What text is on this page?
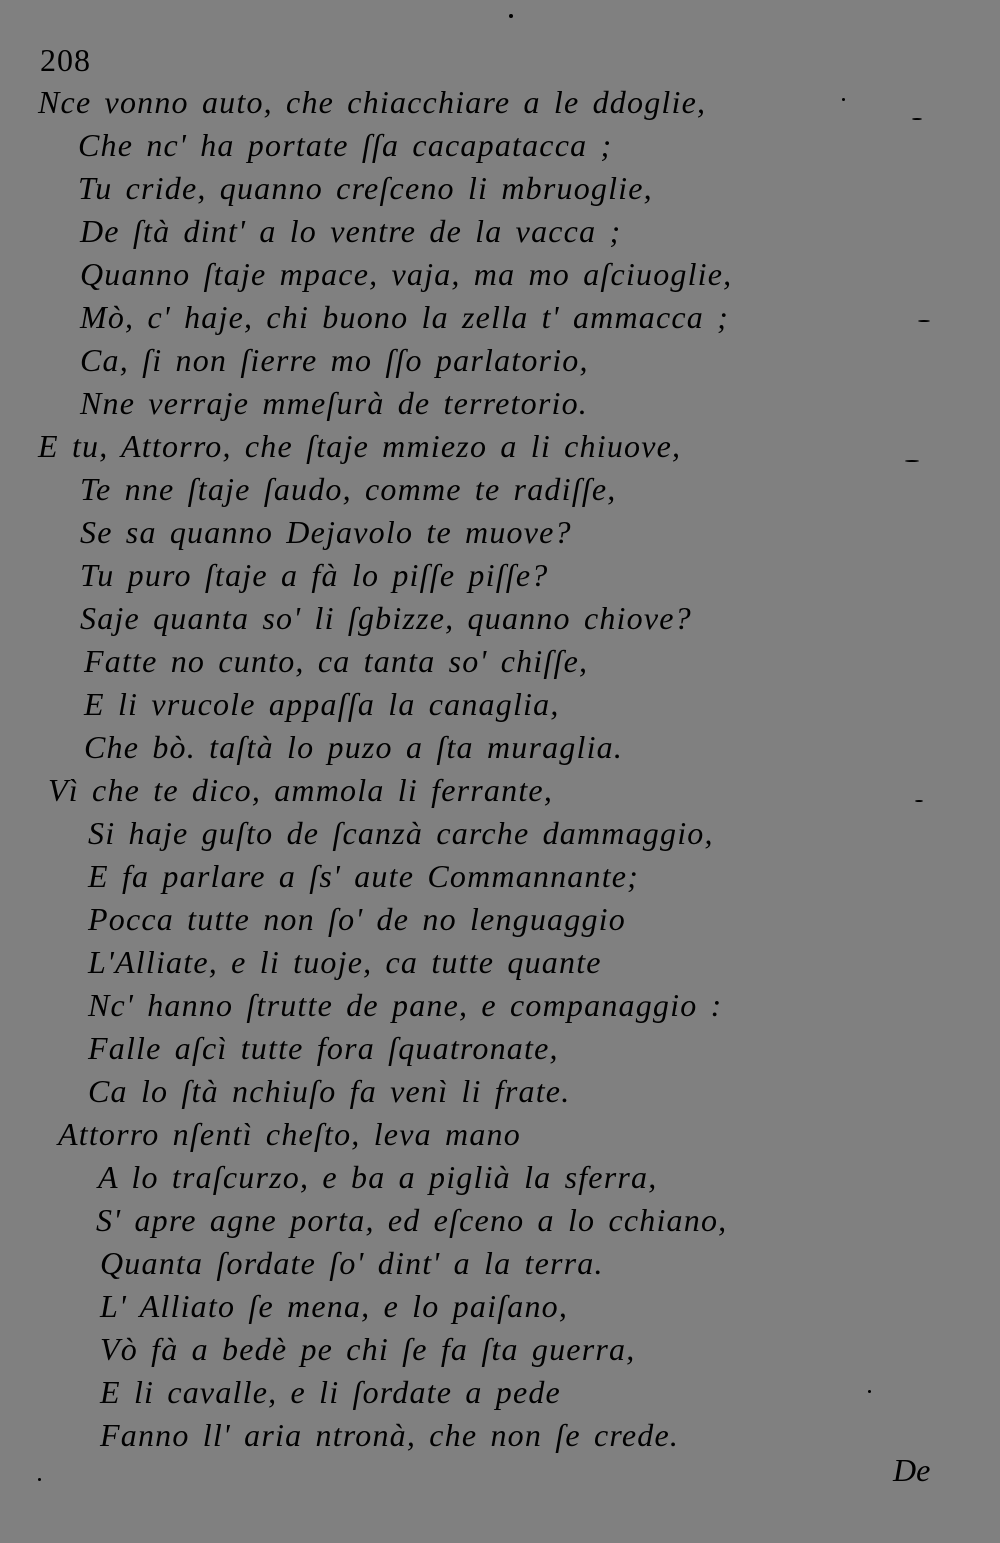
208
Nce vonno auto, che chiacchiare a le ddoglie,
Che nc' ha portate ſſa cacapatacca ;
Tu cride, quanno creſceno li mbruoglie,
De ſtà dint' a lo ventre de la vacca ;
Quanno ſtaje mpace, vaja, ma mo aſciuoglie,
Mò, c' haje, chi buono la zella t' ammacca ;
Ca, ſi non ſierre mo ſſo parlatorio,
Nne verraje mmeſurà de terretorio.
E tu, Attorro, che ſtaje mmiezo a li chiuove,
Te nne ſtaje ſaudo, comme te radiſſe,
Se sa quanno Dejavolo te muove?
Tu puro ſtaje a fà lo piſſe piſſe?
Saje quanta so' li ſgbizze, quanno chiove?
Fatte no cunto, ca tanta so' chiſſe,
E li vrucole appaſſa la canaglia,
Che bò. taſtà lo puzo a ſta muraglia.
Vì che te dico, ammola li ferrante,
Si haje guſto de ſcanzà carche dammaggio,
E fa parlare a ſs' aute Commannante;
Pocca tutte non ſo' de no lenguaggio
L'Alliate, e li tuoje, ca tutte quante
Nc' hanno ſtrutte de pane, e companaggio :
Falle aſcì tutte fora ſquatronate,
Ca lo ſtà nchiuſo fa venì li frate.
Attorro nſentì cheſto, leva mano
A lo traſcurzo, e ba a piglià la sferra,
S' apre agne porta, ed eſceno a lo cchiano,
Quanta ſordate ſo' dint' a la terra.
L' Alliato ſe mena, e lo paiſano,
Vò fà a bedè pe chi ſe fa ſta guerra,
E li cavalle, e li ſordate a pede
Fanno ll' aria ntronà, che non ſe crede.
De
